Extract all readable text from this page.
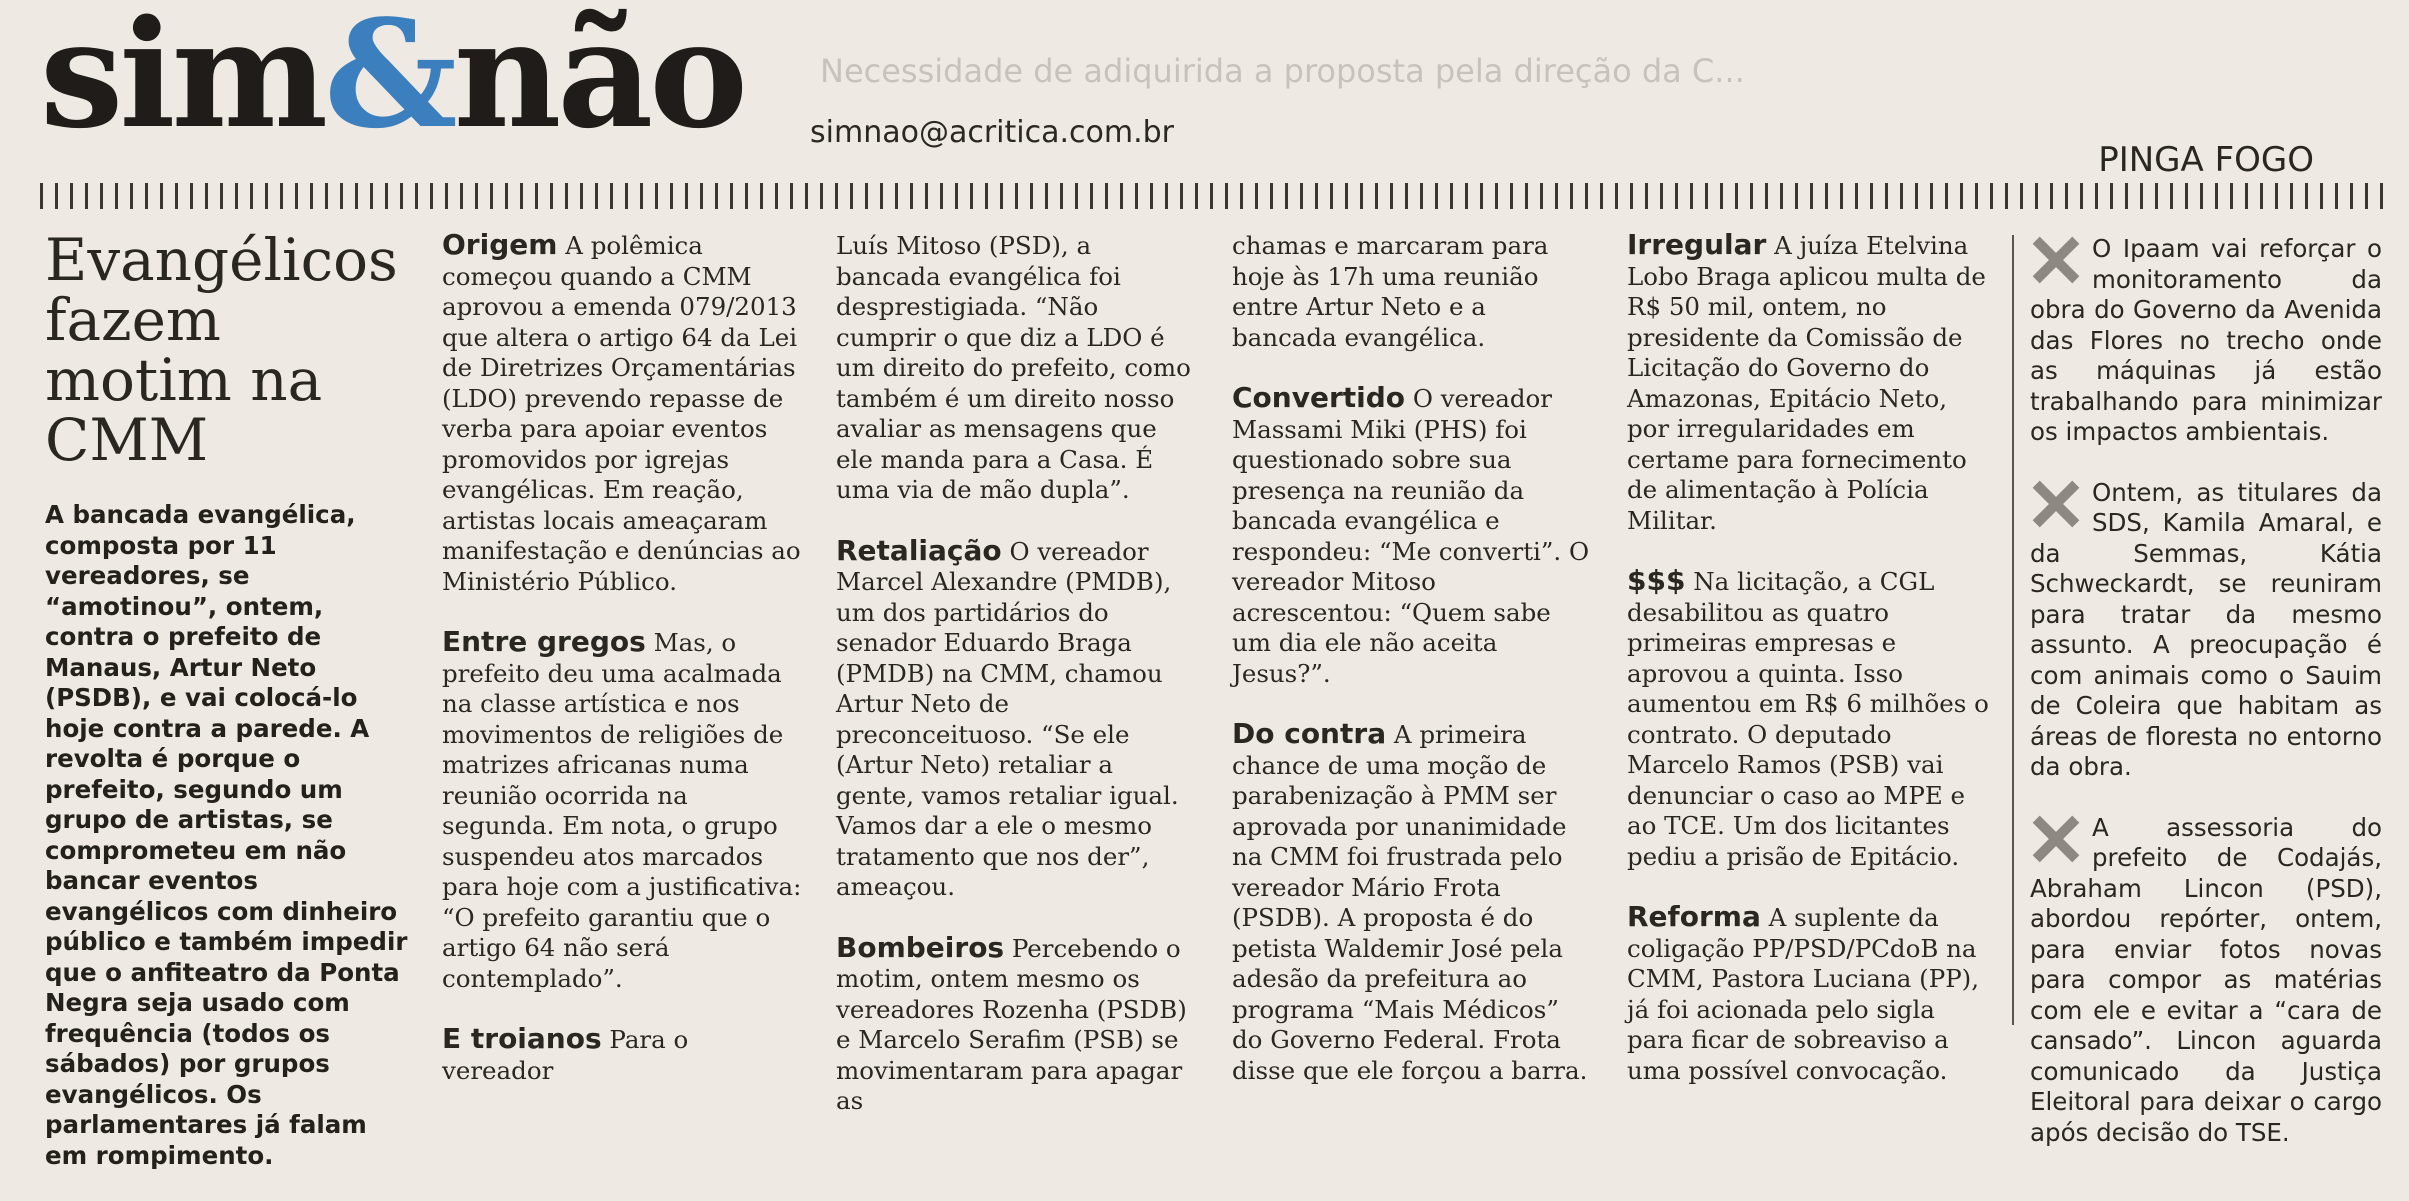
Necessidade de adiquirida a proposta pela direção da C...
sim&não simnao@acritica.com.br
PINGA FOGO
Evangélicos fazem motim na CMM

A bancada evangélica, composta por 11 vereadores, se “amotinou”, ontem, contra o prefeito de Manaus, Artur Neto (PSDB), e vai colocá-lo hoje contra a parede. A revolta é porque o prefeito, segundo um grupo de artistas, se comprometeu em não bancar eventos evangélicos com dinheiro público e também impedir que o anfiteatro da Ponta Negra seja usado com frequência (todos os sábados) por grupos evangélicos. Os parlamentares já falam em rompimento.

Origem A polêmica começou quando a CMM aprovou a emenda 079/2013 que altera o artigo 64 da Lei de Diretrizes Orçamentárias (LDO) prevendo repasse de verba para apoiar eventos promovidos por igrejas evangélicas. Em reação, artistas locais ameaçaram manifestação e denúncias ao Ministério Público.

Entre gregos Mas, o prefeito deu uma acalmada na classe artística e nos movimentos de religiões de matrizes africanas numa reunião ocorrida na segunda. Em nota, o grupo suspendeu atos marcados para hoje com a justificativa: “O prefeito garantiu que o artigo 64 não será contemplado”.

E troianos Para o vereador

Luís Mitoso (PSD), a bancada evangélica foi desprestigiada. “Não cumprir o que diz a LDO é um direito do prefeito, como também é um direito nosso avaliar as mensagens que ele manda para a Casa. É uma via de mão dupla”.

Retaliação O vereador Marcel Alexandre (PMDB), um dos partidários do senador Eduardo Braga (PMDB) na CMM, chamou Artur Neto de preconceituoso. “Se ele (Artur Neto) retaliar a gente, vamos retaliar igual. Vamos dar a ele o mesmo tratamento que nos der”, ameaçou.

Bombeiros Percebendo o motim, ontem mesmo os vereadores Rozenha (PSDB) e Marcelo Serafim (PSB) se movimentaram para apagar as

chamas e marcaram para hoje às 17h uma reunião entre Artur Neto e a bancada evangélica.

Convertido O vereador Massami Miki (PHS) foi questionado sobre sua presença na reunião da bancada evangélica e respondeu: “Me converti”. O vereador Mitoso acrescentou: “Quem sabe um dia ele não aceita Jesus?”.

Do contra A primeira chance de uma moção de parabenização à PMM ser aprovada por unanimidade na CMM foi frustrada pelo vereador Mário Frota (PSDB). A proposta é do petista Waldemir José pela adesão da prefeitura ao programa “Mais Médicos” do Governo Federal. Frota disse que ele forçou a barra.

Irregular A juíza Etelvina Lobo Braga aplicou multa de R$ 50 mil, ontem, no presidente da Comissão de Licitação do Governo do Amazonas, Epitácio Neto, por irregularidades em certame para fornecimento de alimentação à Polícia Militar.

$$$ Na licitação, a CGL desabilitou as quatro primeiras empresas e aprovou a quinta. Isso aumentou em R$ 6 milhões o contrato. O deputado Marcelo Ramos (PSB) vai denunciar o caso ao MPE e ao TCE. Um dos licitantes pediu a prisão de Epitácio.

Reforma A suplente da coligação PP/PSD/PCdoB na CMM, Pastora Luciana (PP), já foi acionada pelo sigla para ficar de sobreaviso a uma possível convocação.

O Ipaam vai reforçar o monitoramento da obra do Governo da Avenida das Flores no trecho onde as máquinas já estão trabalhando para minimizar os impactos ambientais.
Ontem, as titulares da SDS, Kamila Amaral, e da Semmas, Kátia Schweckardt, se reuniram para tratar da mesmo assunto. A preocupação é com animais como o Sauim de Coleira que habitam as áreas de floresta no entorno da obra.
A assessoria do prefeito de Codajás, Abraham Lincon (PSD), abordou repórter, ontem, para enviar fotos novas para compor as matérias com ele e evitar a “cara de cansado”. Lincon aguarda comunicado da Justiça Eleitoral para deixar o cargo após decisão do TSE.
